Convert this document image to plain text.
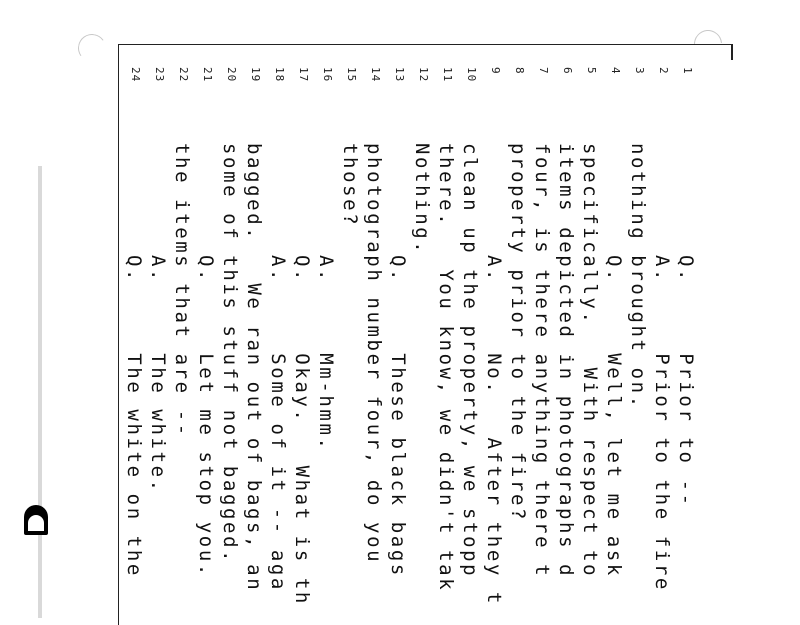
1
Q.     Prior to --
2
A.     Prior to the fire
3
nothing brought on.
4
Q.     Well, let me ask
5
specifically.   With respect to
6
items depicted in photographs d
7
four, is there anything there t
8
property prior to the fire?
9
A.     No.   After they t
10
clean up the property, we stopp
11
there.   You know, we didn't tak
12
Nothing.
13
Q.     These black bags
14
photograph number four, do you
15
those?
16
A.     Mm-hmm.
17
Q.     Okay.   What is th
18
A.     Some of it -- aga
19
bagged.   We ran out of bags, an
20
some of this stuff not bagged.
21
Q.     Let me stop you.
22
the items that are --
23
A.     The white.
24
Q.     The white on the
